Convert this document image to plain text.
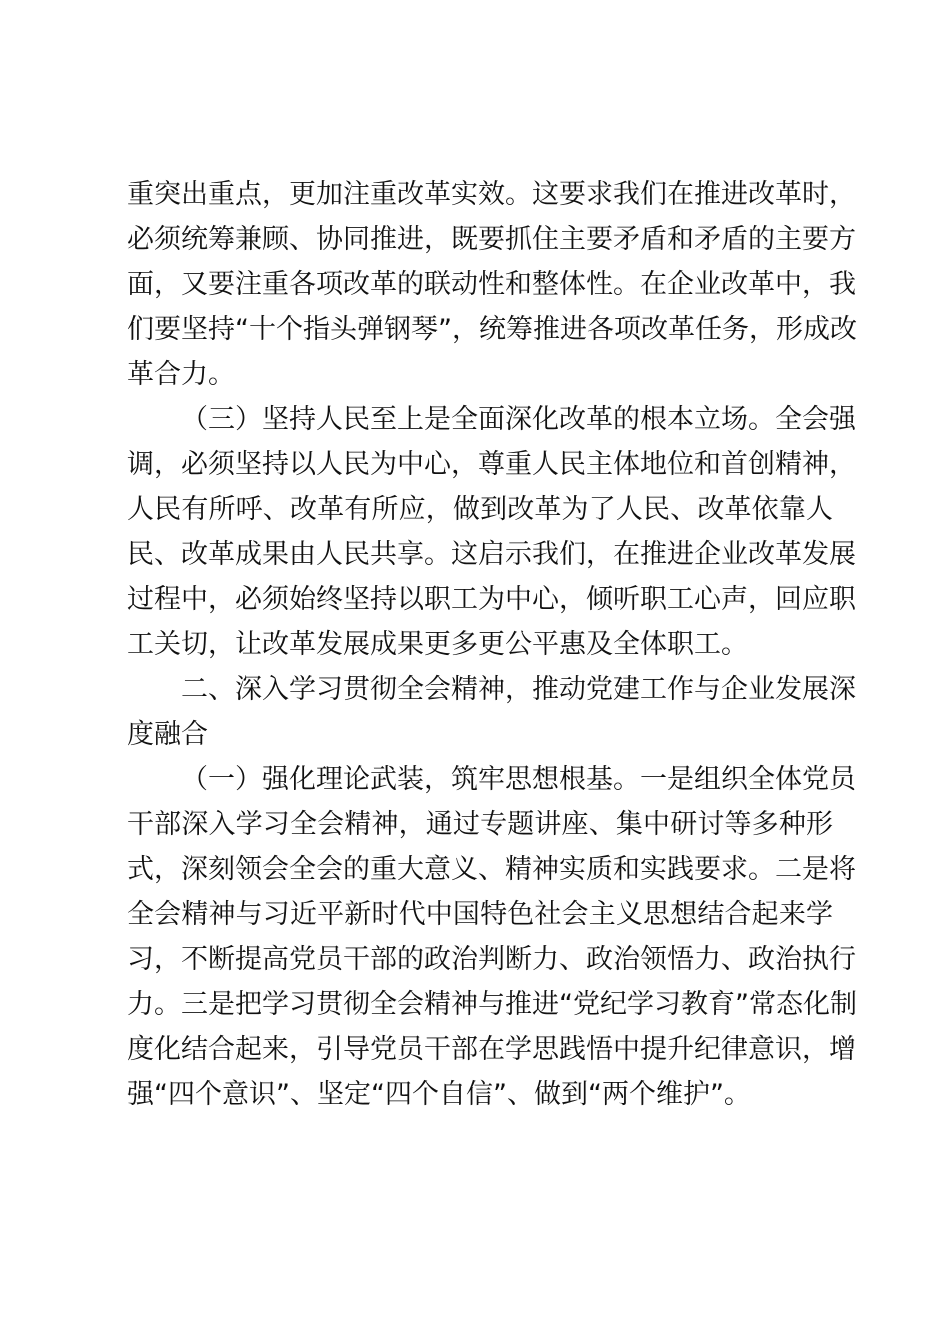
重突出重点，更加注重改革实效。这要求我们在推进改革时，
必须统筹兼顾、协同推进，既要抓住主要矛盾和矛盾的主要方
面，又要注重各项改革的联动性和整体性。在企业改革中，我
们要坚持“十个指头弹钢琴”，统筹推进各项改革任务，形成改
革合力。
（三）坚持人民至上是全面深化改革的根本立场。全会强
调，必须坚持以人民为中心，尊重人民主体地位和首创精神，
人民有所呼、改革有所应，做到改革为了人民、改革依靠人
民、改革成果由人民共享。这启示我们，在推进企业改革发展
过程中，必须始终坚持以职工为中心，倾听职工心声，回应职
工关切，让改革发展成果更多更公平惠及全体职工。
二、深入学习贯彻全会精神，推动党建工作与企业发展深
度融合
（一）强化理论武装，筑牢思想根基。一是组织全体党员
干部深入学习全会精神，通过专题讲座、集中研讨等多种形
式，深刻领会全会的重大意义、精神实质和实践要求。二是将
全会精神与习近平新时代中国特色社会主义思想结合起来学
习，不断提高党员干部的政治判断力、政治领悟力、政治执行
力。三是把学习贯彻全会精神与推进“党纪学习教育”常态化制
度化结合起来，引导党员干部在学思践悟中提升纪律意识，增
强“四个意识”、坚定“四个自信”、做到“两个维护”。
